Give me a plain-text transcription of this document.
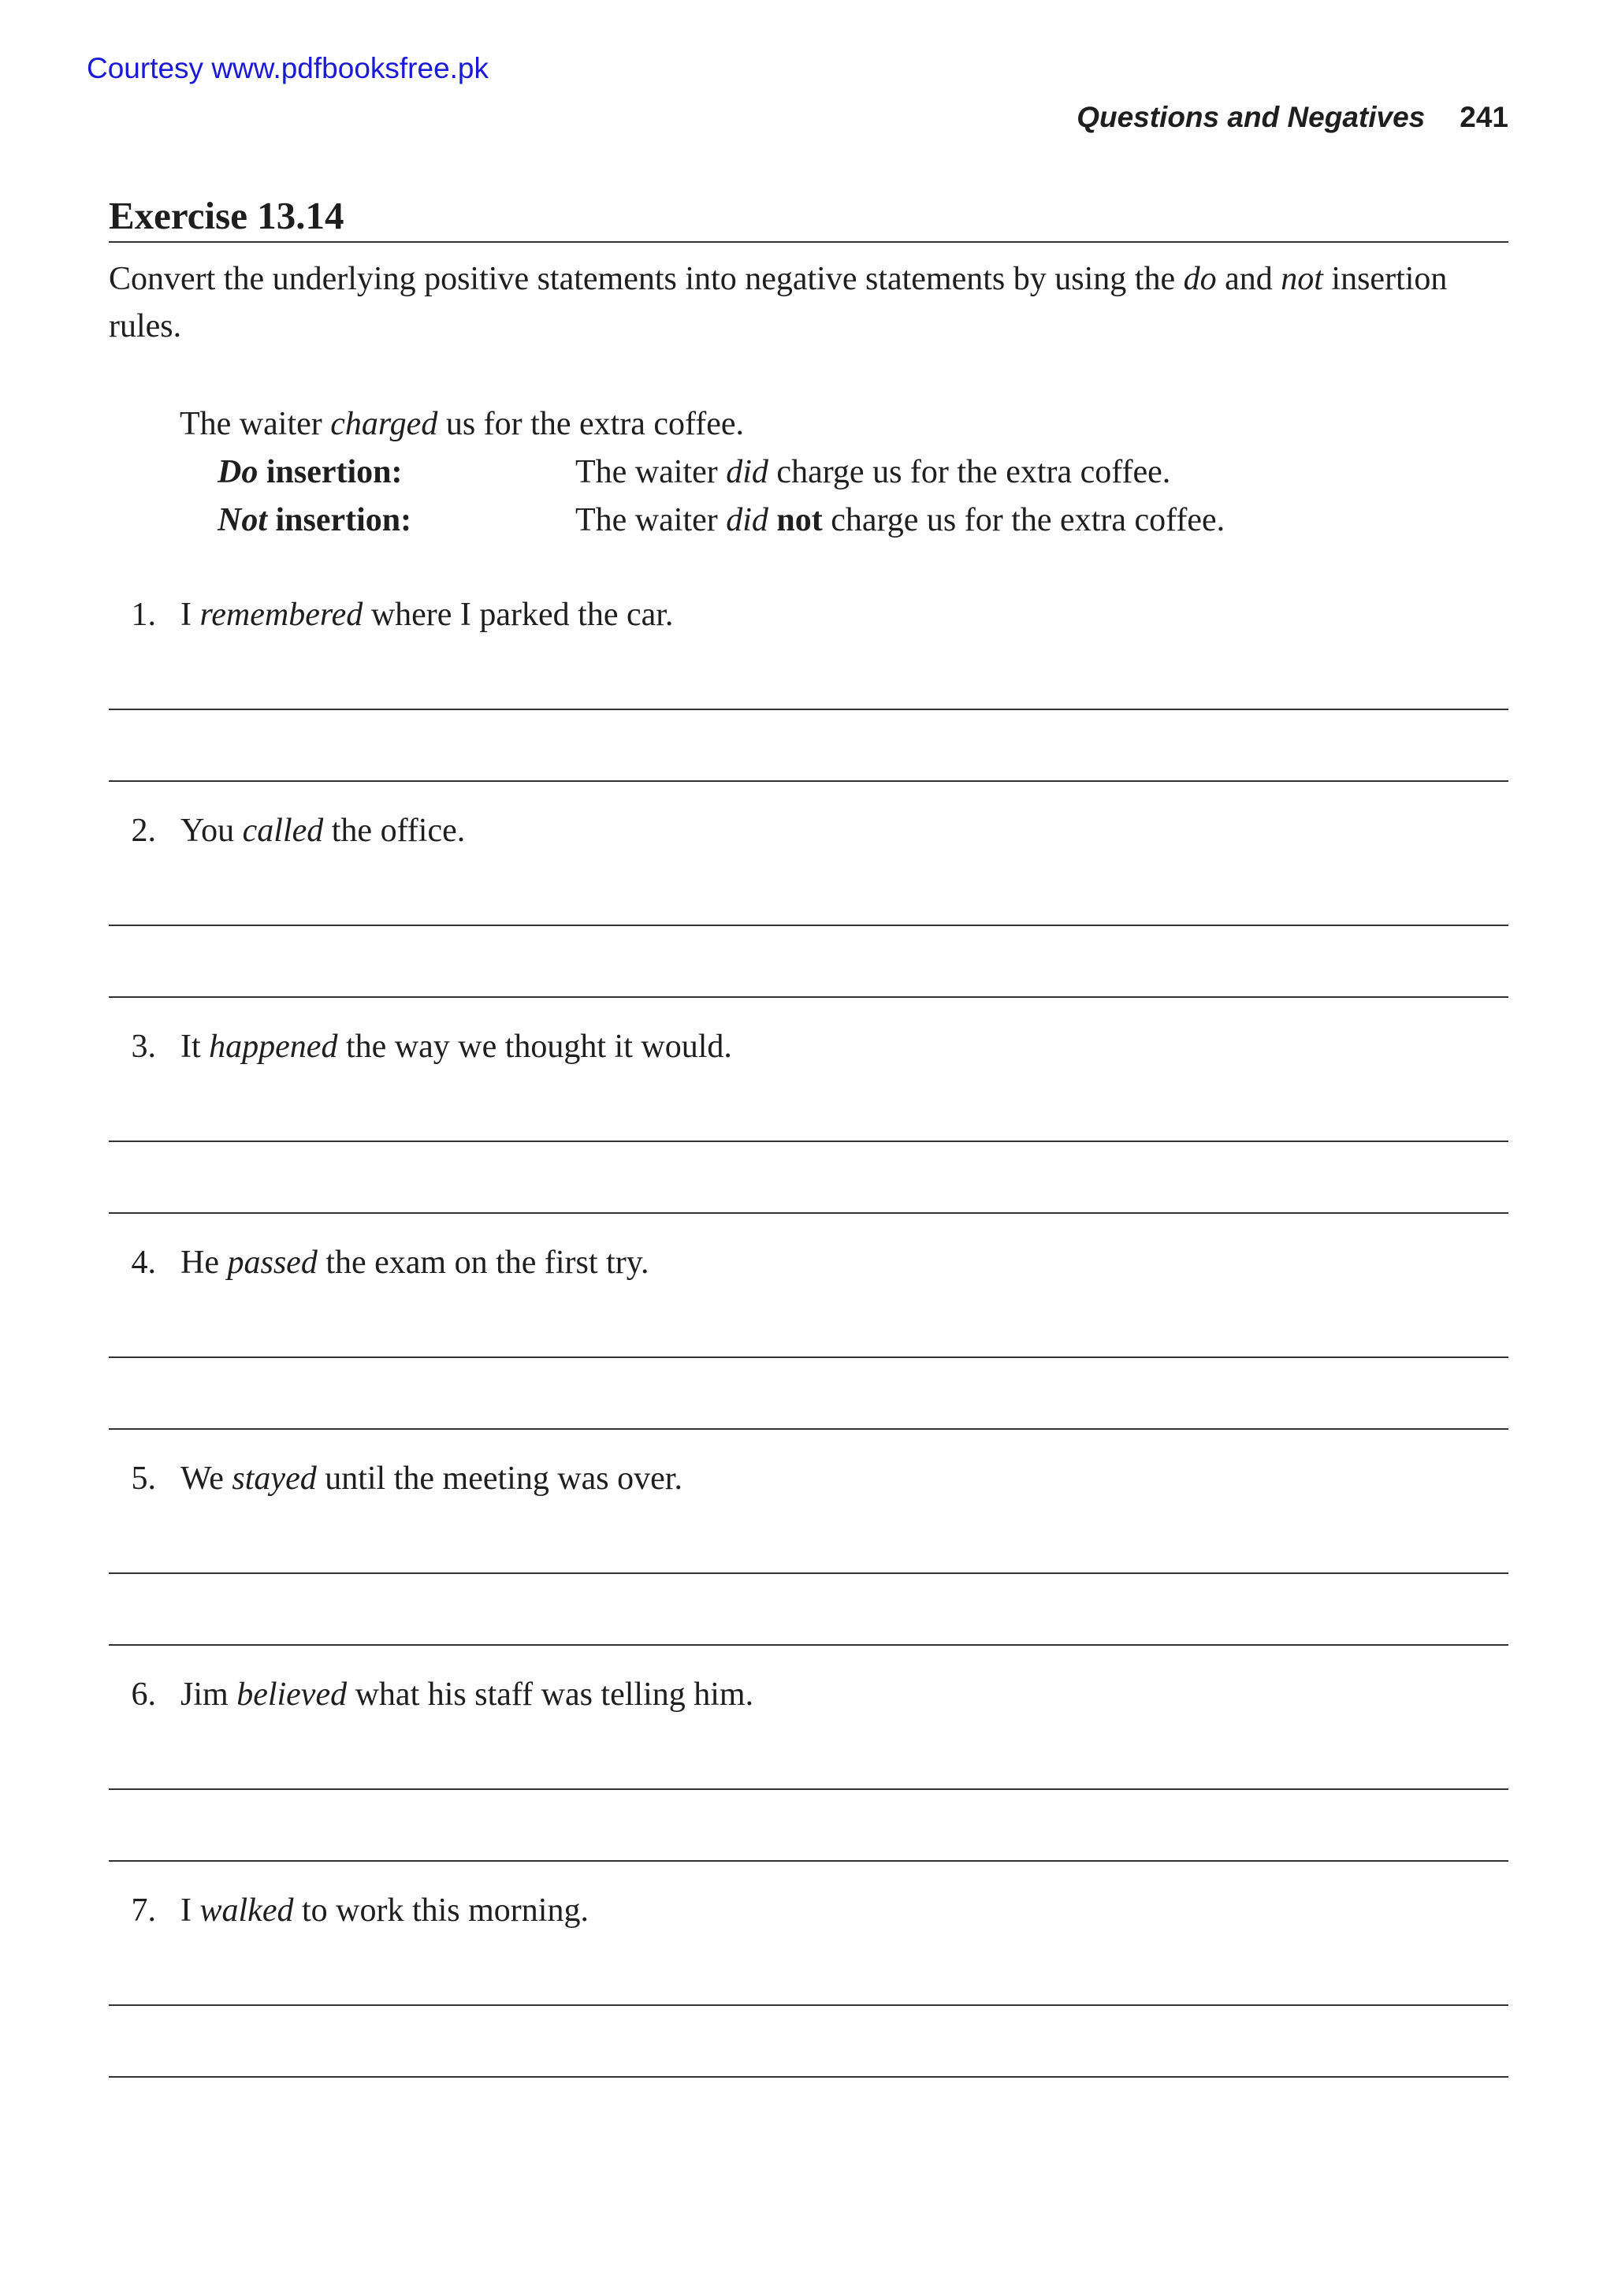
Courtesy www.pdfbooksfree.pk
Questions and Negatives 241
Exercise 13.14

Convert the underlying positive statements into negative statements by using the do and not insertion rules.

The waiter charged us for the extra coffee.
Do insertion:	The waiter did charge us for the extra coffee.
Not insertion:	The waiter did not charge us for the extra coffee.
1. I remembered where I parked the car.
2. You called the office.
3. It happened the way we thought it would.
4. He passed the exam on the first try.
5. We stayed until the meeting was over.
6. Jim believed what his staff was telling him.
7. I walked to work this morning.
